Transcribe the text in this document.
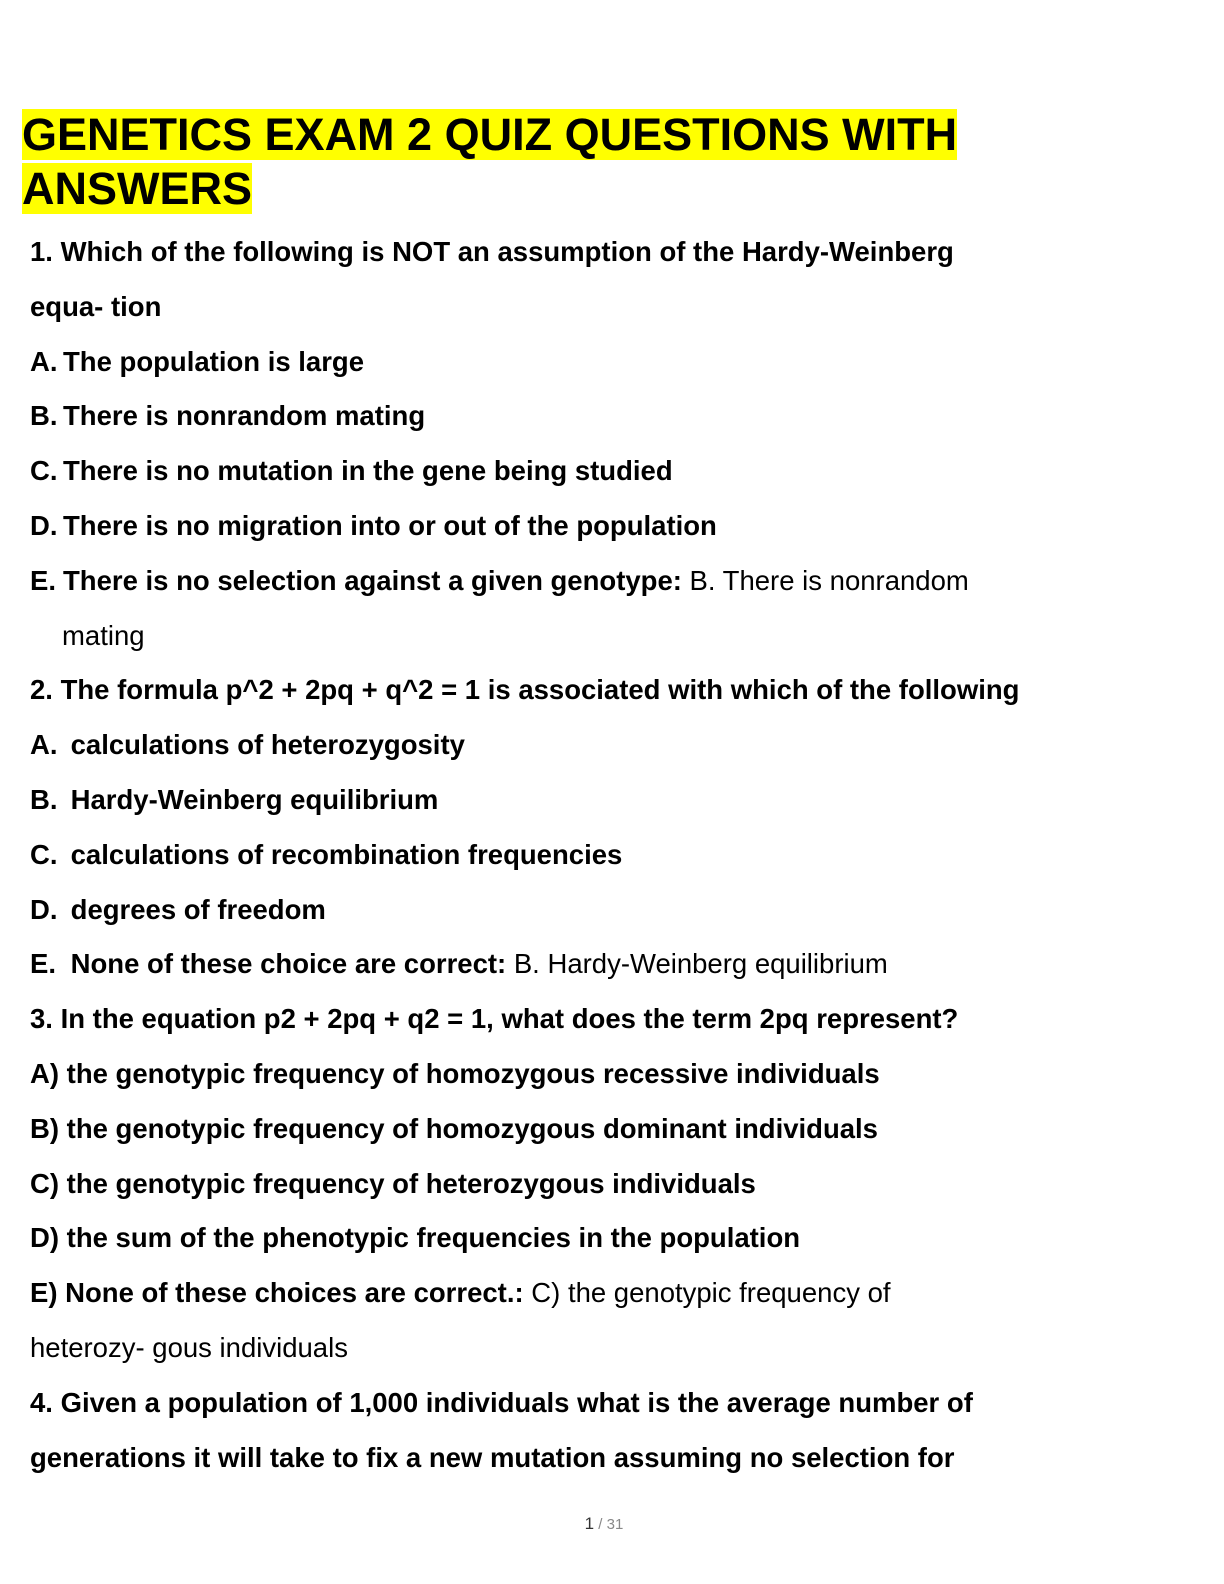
GENETICS EXAM 2 QUIZ QUESTIONS WITH ANSWERS
1. Which of the following is NOT an assumption of the Hardy-Weinberg
equa- tion
A. The population is large
B. There is nonrandom mating
C. There is no mutation in the gene being studied
D. There is no migration into or out of the population
E. There is no selection against a given genotype: B. There is nonrandom
mating
2. The formula p^2 + 2pq + q^2 = 1 is associated with which of the following
A. calculations of heterozygosity
B. Hardy-Weinberg equilibrium
C. calculations of recombination frequencies
D. degrees of freedom
E. None of these choice are correct: B. Hardy-Weinberg equilibrium
3. In the equation p2 + 2pq + q2 = 1, what does the term 2pq represent?
A) the genotypic frequency of homozygous recessive individuals
B) the genotypic frequency of homozygous dominant individuals
C) the genotypic frequency of heterozygous individuals
D) the sum of the phenotypic frequencies in the population
E) None of these choices are correct.: C) the genotypic frequency of
heterozy- gous individuals
4. Given a population of 1,000 individuals what is the average number of
generations it will take to fix a new mutation assuming no selection for
1 / 31
